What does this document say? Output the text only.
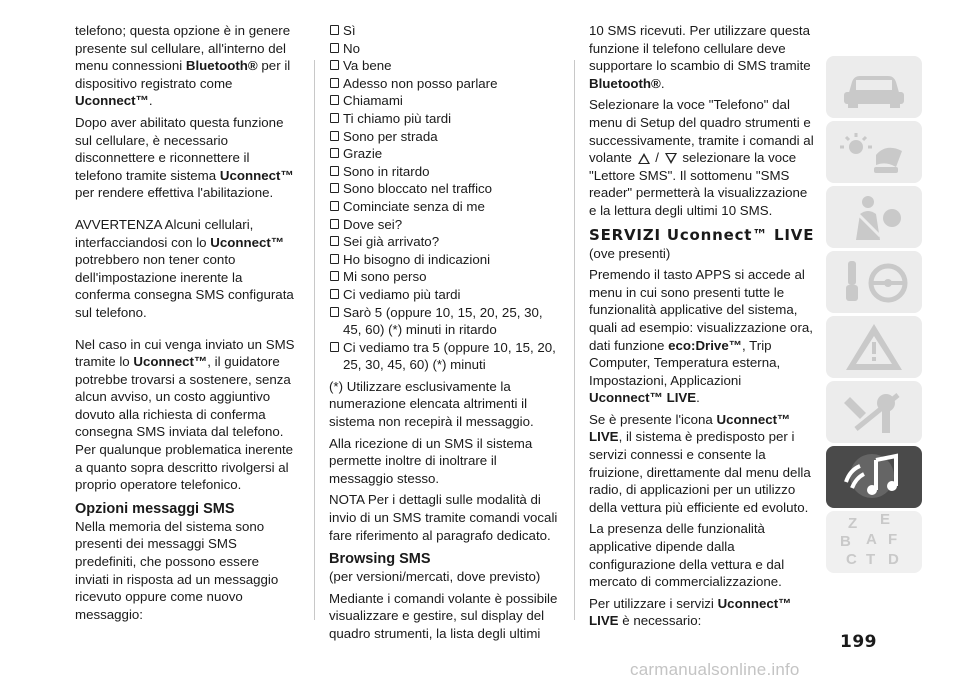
telefono; questa opzione è in genere presente sul cellulare, all'interno del menu connessioni Bluetooth® per il dispositivo registrato come Uconnect™.

Dopo aver abilitato questa funzione sul cellulare, è necessario disconnettere e riconnettere il telefono tramite sistema Uconnect™ per rendere effettiva l'abilitazione.

AVVERTENZA Alcuni cellulari, interfacciandosi con lo Uconnect™ potrebbero non tener conto dell'impostazione inerente la conferma consegna SMS configurata sul telefono.

Nel caso in cui venga inviato un SMS tramite lo Uconnect™, il guidatore potrebbe trovarsi a sostenere, senza alcun avviso, un costo aggiuntivo dovuto alla richiesta di conferma consegna SMS inviata dal telefono. Per qualunque problematica inerente a quanto sopra descritto rivolgersi al proprio operatore telefonico.

Opzioni messaggi SMS

Nella memoria del sistema sono presenti dei messaggi SMS predefiniti, che possono essere inviati in risposta ad un messaggio ricevuto oppure come nuovo messaggio:

Sì
No
Va bene
Adesso non posso parlare
Chiamami
Ti chiamo più tardi
Sono per strada
Grazie
Sono in ritardo
Sono bloccato nel traffico
Cominciate senza di me
Dove sei?
Sei già arrivato?
Ho bisogno di indicazioni
Mi sono perso
Ci vediamo più tardi
Sarò 5 (oppure 10, 15, 20, 25, 30, 45, 60) (*) minuti in ritardo
Ci vediamo tra 5 (oppure 10, 15, 20, 25, 30, 45, 60) (*) minuti

(*) Utilizzare esclusivamente la numerazione elencata altrimenti il sistema non recepirà il messaggio.

Alla ricezione di un SMS il sistema permette inoltre di inoltrare il messaggio stesso.

NOTA Per i dettagli sulle modalità di invio di un SMS tramite comandi vocali fare riferimento al paragrafo dedicato.

Browsing SMS

(per versioni/mercati, dove previsto)

Mediante i comandi volante è possibile visualizzare e gestire, sul display del quadro strumenti, la lista degli ultimi

10 SMS ricevuti. Per utilizzare questa funzione il telefono cellulare deve supportare lo scambio di SMS tramite Bluetooth®.

Selezionare la voce "Telefono" dal menu di Setup del quadro strumenti e successivamente, tramite i comandi al volante  /  selezionare la voce "Lettore SMS". Il sottomenu "SMS reader" permetterà la visualizzazione e la lettura degli ultimi 10 SMS.

SERVIZI Uconnect™ LIVE

(ove presenti)

Premendo il tasto APPS si accede al menu in cui sono presenti tutte le funzionalità applicative del sistema, quali ad esempio: visualizzazione ora, dati funzione eco:Drive™, Trip Computer, Temperatura esterna, Impostazioni, Applicazioni Uconnect™ LIVE.

Se è presente l'icona Uconnect™ LIVE, il sistema è predisposto per i servizi connessi e consente la fruizione, direttamente dal menu della radio, di applicazioni per un utilizzo della vettura più efficiente ed evoluto.

La presenza delle funzionalità applicative dipende dalla configurazione della vettura e dal mercato di commercializzazione.

Per utilizzare i servizi Uconnect™ LIVE è necessario:

Z E
B F
A
C T D
199
carmanualsonline.info
